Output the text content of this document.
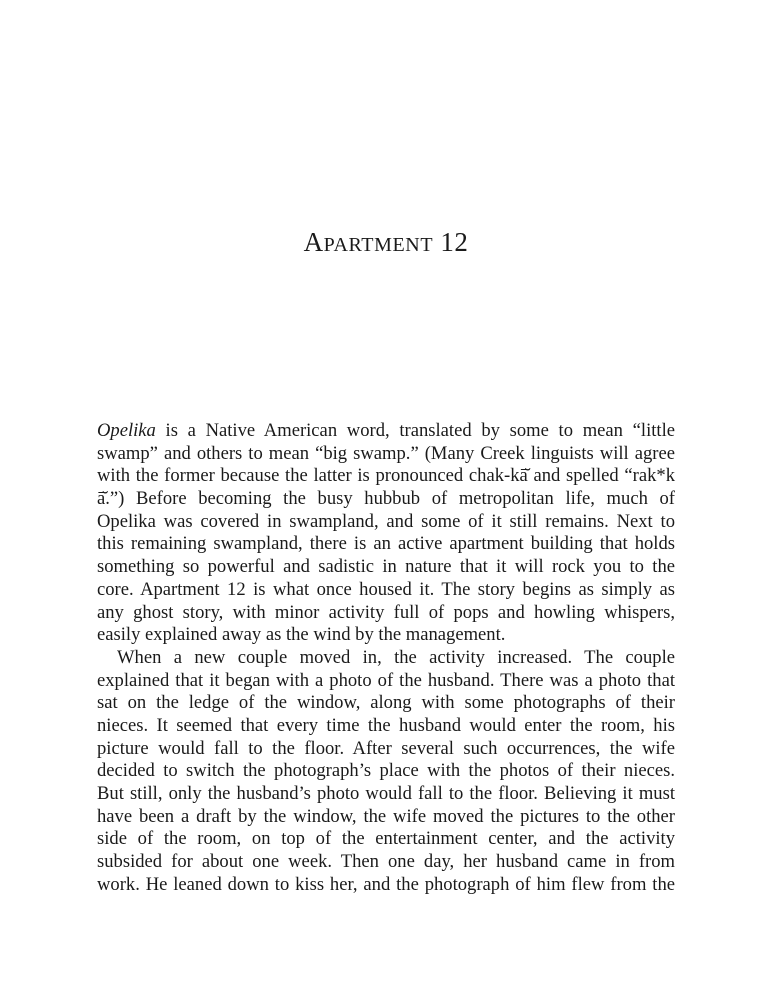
APARTMENT 12
Opelika is a Native American word, translated by some to mean “little
swamp” and others to mean “big swamp.” (Many Creek linguists will agree
with the former because the latter is pronounced chak-kā̆ and spelled “rak*k
ā̆.”) Before becoming the busy hubbub of metropolitan life, much of
Opelika was covered in swampland, and some of it still remains. Next to
this remaining swampland, there is an active apartment building that holds
something so powerful and sadistic in nature that it will rock you to the
core. Apartment 12 is what once housed it. The story begins as simply as
any ghost story, with minor activity full of pops and howling whispers,
easily explained away as the wind by the management.
When a new couple moved in, the activity increased. The couple
explained that it began with a photo of the husband. There was a photo that
sat on the ledge of the window, along with some photographs of their
nieces. It seemed that every time the husband would enter the room, his
picture would fall to the floor. After several such occurrences, the wife
decided to switch the photograph’s place with the photos of their nieces.
But still, only the husband’s photo would fall to the floor. Believing it must
have been a draft by the window, the wife moved the pictures to the other
side of the room, on top of the entertainment center, and the activity
subsided for about one week. Then one day, her husband came in from
work. He leaned down to kiss her, and the photograph of him flew from the
